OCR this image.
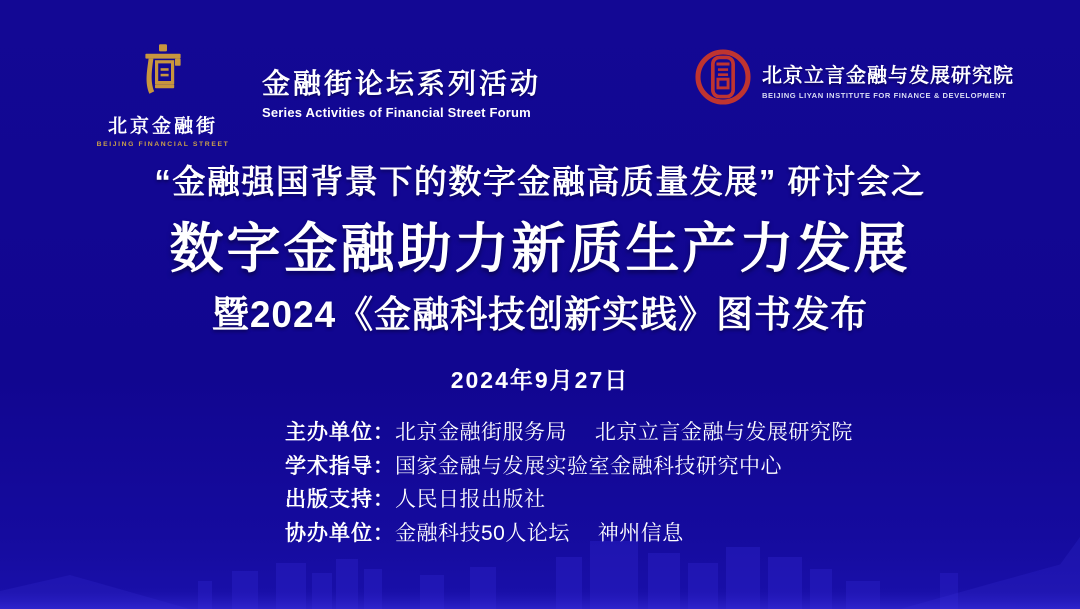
北京金融街
BEIJING FINANCIAL STREET
金融街论坛系列活动
Series Activities of Financial Street Forum
北京立言金融与发展研究院
BEIJING LIYAN INSTITUTE FOR FINANCE & DEVELOPMENT
“金融强国背景下的数字金融高质量发展” 研讨会之
数字金融助力新质生产力发展
暨2024《金融科技创新实践》图书发布
2024年9月27日
主办单位：北京金融街服务局　 北京立言金融与发展研究院
学术指导：国家金融与发展实验室金融科技研究中心
出版支持：人民日报出版社
协办单位：金融科技50人论坛　 神州信息
